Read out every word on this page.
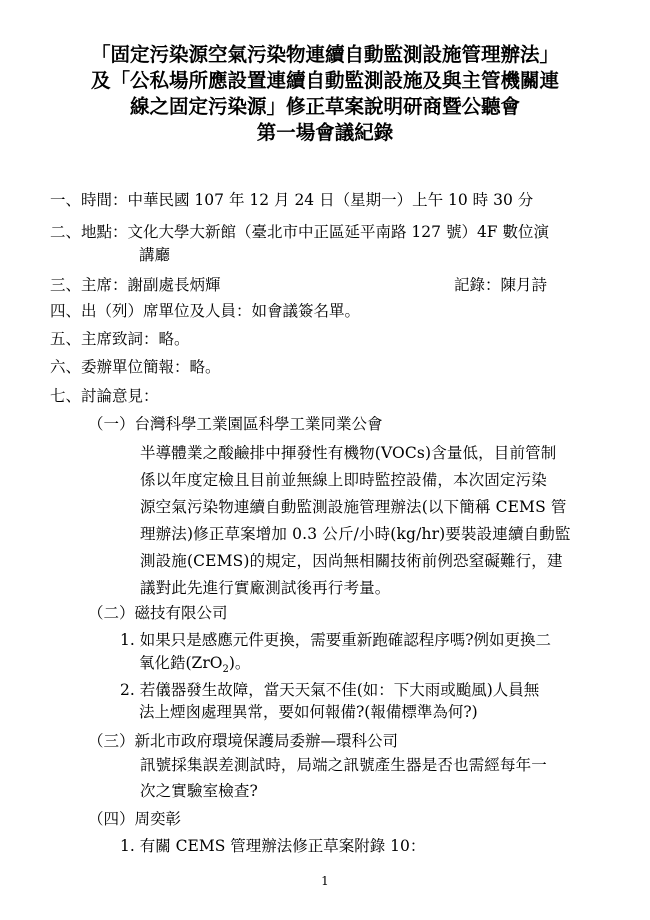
「固定污染源空氣污染物連續自動監測設施管理辦法」
及「公私場所應設置連續自動監測設施及與主管機關連
線之固定污染源」修正草案說明研商暨公聽會
第一場會議紀錄
一、時間：中華民國 107 年 12 月 24 日（星期一）上午 10 時 30 分
二、地點：文化大學大新館（臺北市中正區延平南路 127 號）4F 數位演
講廳
三、主席：謝副處長炳輝	記錄：陳月詩
四、出（列）席單位及人員：如會議簽名單。
五、主席致詞：略。
六、委辦單位簡報：略。
七、討論意見：
（一）台灣科學工業園區科學工業同業公會
半導體業之酸鹼排中揮發性有機物(VOCs)含量低，目前管制
係以年度定檢且目前並無線上即時監控設備，本次固定污染
源空氣污染物連續自動監測設施管理辦法(以下簡稱 CEMS 管
理辦法)修正草案增加 0.3 公斤/小時(kg/hr)要裝設連續自動監
測設施(CEMS)的規定，因尚無相關技術前例恐窒礙難行，建
議對此先進行實廠測試後再行考量。
（二）磁技有限公司
1. 如果只是感應元件更換，需要重新跑確認程序嗎?例如更換二
氧化鋯(ZrO$_2$)。
2. 若儀器發生故障，當天天氣不佳(如：下大雨或颱風)人員無
法上煙囪處理異常，要如何報備?(報備標準為何?)
（三）新北市政府環境保護局委辦—環科公司
訊號採集誤差測試時，局端之訊號產生器是否也需經每年一
次之實驗室檢查?
（四）周奕彰
1. 有關 CEMS 管理辦法修正草案附錄 10：
1
